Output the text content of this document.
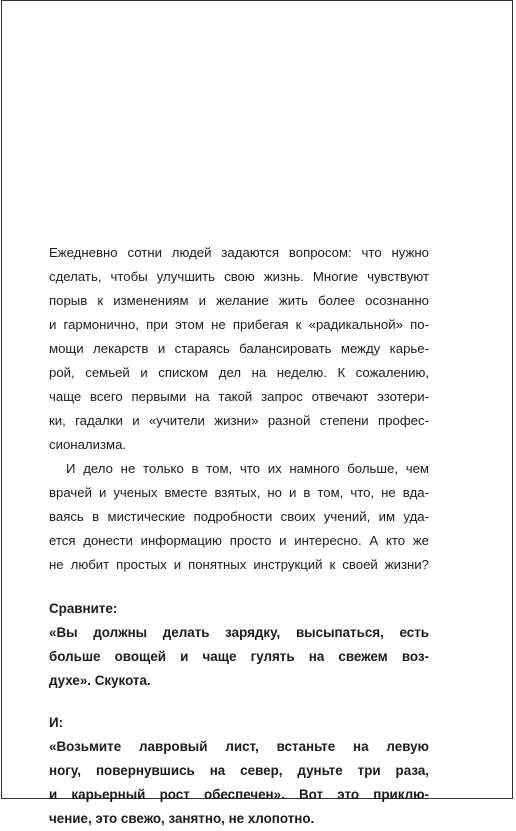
Ежедневно сотни людей задаются вопросом: что нужно
сделать, чтобы улучшить свою жизнь. Многие чувствуют
порыв к изменениям и желание жить более осознанно
и гармонично, при этом не прибегая к «радикальной» по-
мощи лекарств и стараясь балансировать между карье-
рой, семьей и списком дел на неделю. К сожалению,
чаще всего первыми на такой запрос отвечают эзотери-
ки, гадалки и «учители жизни» разной степени профес-
сионализма.
И дело не только в том, что их намного больше, чем
врачей и ученых вместе взятых, но и в том, что, не вда-
ваясь в мистические подробности своих учений, им уда-
ется донести информацию просто и интересно. А кто же
не любит простых и понятных инструкций к своей жизни?
Сравните:
«Вы должны делать зарядку, высыпаться, есть
больше овощей и чаще гулять на свежем воз-
духе». Скукота.
И:
«Возьмите лавровый лист, встаньте на левую
ногу, повернувшись на север, дуньте три раза,
и карьерный рост обеспечен». Вот это приклю-
чение, это свежо, занятно, не хлопотно.
